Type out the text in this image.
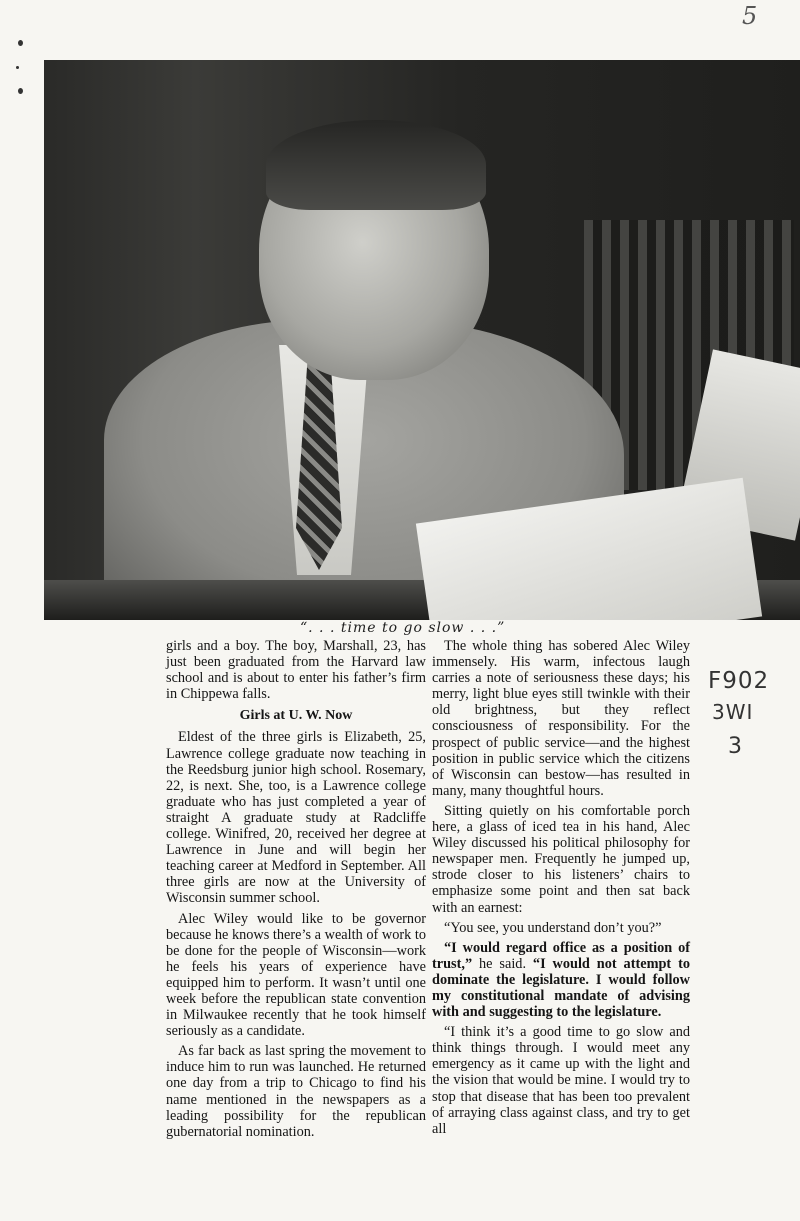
5
“. . . time to go slow . . .”

girls and a boy. The boy, Marshall, 23, has just been graduated from the Harvard law school and is about to enter his father’s firm in Chippewa falls.

Girls at U. W. Now

Eldest of the three girls is Elizabeth, 25, Lawrence college graduate now teaching in the Reedsburg junior high school. Rosemary, 22, is next. She, too, is a Lawrence college graduate who has just completed a year of straight A graduate study at Radcliffe college. Winifred, 20, received her degree at Lawrence in June and will begin her teaching career at Medford in September. All three girls are now at the University of Wisconsin summer school.

Alec Wiley would like to be governor because he knows there’s a wealth of work to be done for the people of Wisconsin—work he feels his years of experience have equipped him to perform. It wasn’t until one week before the republican state convention in Milwaukee recently that he took himself seriously as a candidate.

As far back as last spring the movement to induce him to run was launched. He returned one day from a trip to Chicago to find his name mentioned in the newspapers as a leading possibility for the republican gubernatorial nomination.

The whole thing has sobered Alec Wiley immensely. His warm, infectous laugh carries a note of seriousness these days; his merry, light blue eyes still twinkle with their old brightness, but they reflect consciousness of responsibility. For the prospect of public service—and the highest position in public service which the citizens of Wisconsin can bestow—has resulted in many, many thoughtful hours.

Sitting quietly on his comfortable porch here, a glass of iced tea in his hand, Alec Wiley discussed his political philosophy for newspaper men. Frequently he jumped up, strode closer to his listeners’ chairs to emphasize some point and then sat back with an earnest:

“You see, you understand don’t you?”

“I would regard office as a position of trust,” he said. “I would not attempt to dominate the legislature. I would follow my constitutional mandate of advising with and suggesting to the legislature.

“I think it’s a good time to go slow and think things through. I would meet any emergency as it came up with the light and the vision that would be mine. I would try to stop that disease that has been too prevalent of arraying class against class, and try to get all

F902
3WI
3
